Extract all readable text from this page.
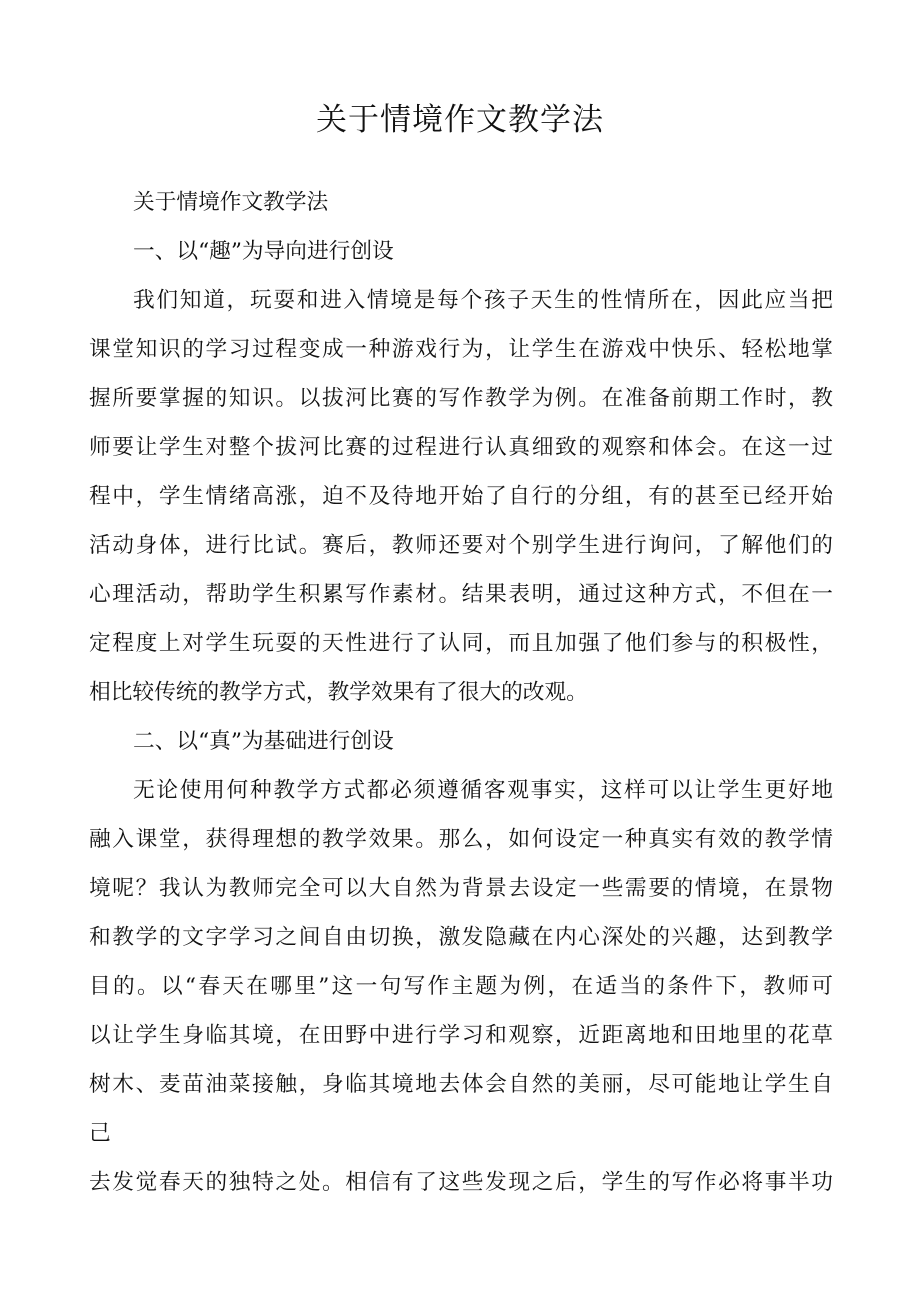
关于情境作文教学法
关于情境作文教学法
一、以“趣”为导向进行创设
我们知道，玩耍和进入情境是每个孩子天生的性情所在，因此应当把
课堂知识的学习过程变成一种游戏行为，让学生在游戏中快乐、轻松地掌
握所要掌握的知识。以拔河比赛的写作教学为例。在准备前期工作时，教
师要让学生对整个拔河比赛的过程进行认真细致的观察和体会。在这一过
程中，学生情绪高涨，迫不及待地开始了自行的分组，有的甚至已经开始
活动身体，进行比试。赛后，教师还要对个别学生进行询问，了解他们的
心理活动，帮助学生积累写作素材。结果表明，通过这种方式，不但在一
定程度上对学生玩耍的天性进行了认同，而且加强了他们参与的积极性，
相比较传统的教学方式，教学效果有了很大的改观。
二、以“真”为基础进行创设
无论使用何种教学方式都必须遵循客观事实，这样可以让学生更好地
融入课堂，获得理想的教学效果。那么，如何设定一种真实有效的教学情
境呢？我认为教师完全可以大自然为背景去设定一些需要的情境，在景物
和教学的文字学习之间自由切换，激发隐藏在内心深处的兴趣，达到教学
目的。以“春天在哪里”这一句写作主题为例，在适当的条件下，教师可
以让学生身临其境，在田野中进行学习和观察，近距离地和田地里的花草
树木、麦苗油菜接触，身临其境地去体会自然的美丽，尽可能地让学生自
己
去发觉春天的独特之处。相信有了这些发现之后，学生的写作必将事半功
